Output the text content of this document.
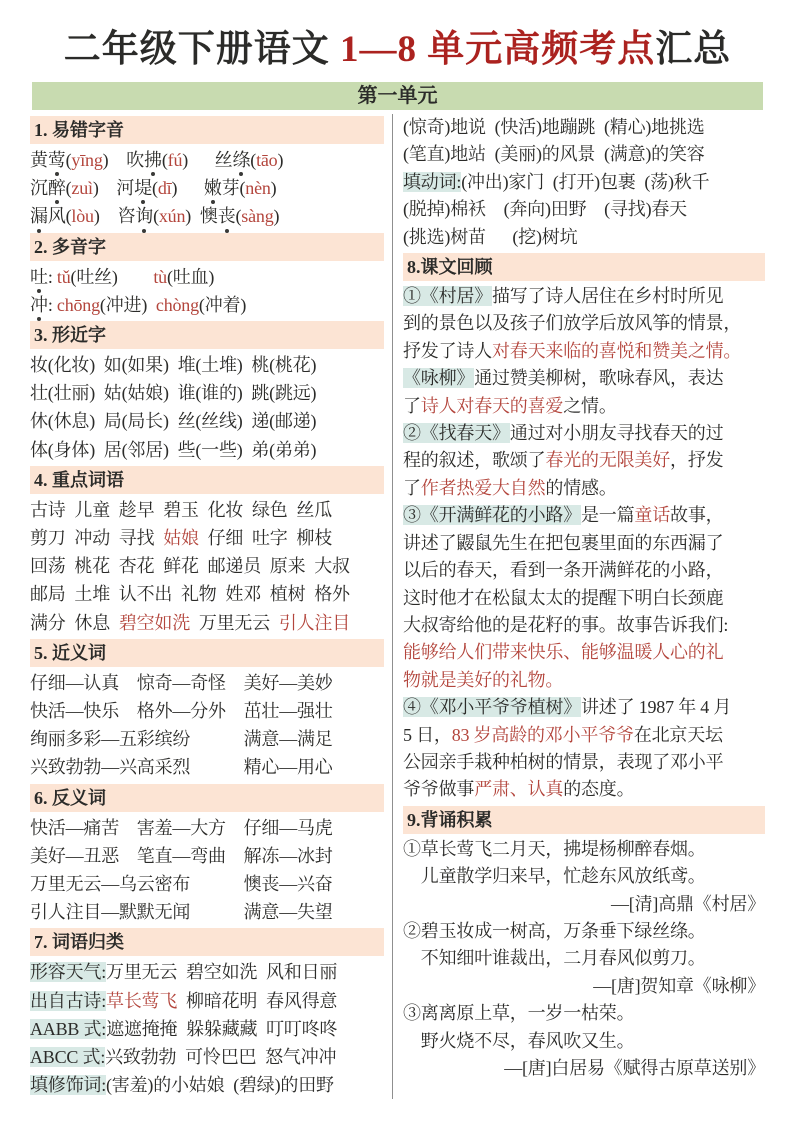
二年级下册语文 1—8 单元高频考点汇总
第一单元
1. 易错字音
黄莺(yīng) 吹拂(fú)  丝绦(tāo)
沉醉(zuì) 河堤(dī)  嫩芽(nèn)
漏风(lòu) 咨询(xún) 懊丧(sàng)
2. 多音字
吐: tǔ(吐丝)  tù(吐血)
冲: chōng(冲进) chòng(冲着)
3. 形近字
妆(化妆) 如(如果) 堆(土堆) 桃(桃花)
壮(壮丽) 姑(姑娘) 谁(谁的) 跳(跳远)
休(休息) 局(局长) 丝(丝线) 递(邮递)
体(身体) 居(邻居) 些(一些) 弟(弟弟)
4. 重点词语
古诗 儿童 趁早 碧玉 化妆 绿色 丝瓜
剪刀 冲动 寻找 姑娘 仔细 吐字 柳枝
回荡 桃花 杏花 鲜花 邮递员 原来 大叔
邮局 土堆 认不出 礼物 姓邓 植树 格外
满分 休息 碧空如洗 万里无云 引人注目
5. 近义词
仔细—认真 惊奇—奇怪 美好—美妙
快活—快乐 格外—分外 茁壮—强壮
绚丽多彩—五彩缤纷   满意—满足
兴致勃勃—兴高采烈   精心—用心
6. 反义词
快活—痛苦 害羞—大方 仔细—马虎
美好—丑恶 笔直—弯曲 解冻—冰封
万里无云—乌云密布   懊丧—兴奋
引人注目—默默无闻   满意—失望
7. 词语归类
形容天气:万里无云 碧空如洗 风和日丽
出自古诗:草长莺飞 柳暗花明 春风得意
AABB 式:遮遮掩掩 躲躲藏藏 叮叮咚咚
ABCC 式:兴致勃勃 可怜巴巴 怒气冲冲
填修饰词:(害羞)的小姑娘 (碧绿)的田野
(惊奇)地说 (快活)地蹦跳 (精心)地挑选
(笔直)地站 (美丽)的风景 (满意)的笑容
填动词:(冲出)家门 (打开)包裹 (荡)秋千
(脱掉)棉袄 (奔向)田野 (寻找)春天
(挑选)树苗  (挖)树坑
8.课文回顾
①《村居》描写了诗人居住在乡村时所见
到的景色以及孩子们放学后放风筝的情景，
抒发了诗人对春天来临的喜悦和赞美之情。
《咏柳》通过赞美柳树，歌咏春风，表达
了诗人对春天的喜爱之情。
②《找春天》通过对小朋友寻找春天的过
程的叙述，歌颂了春光的无限美好，抒发
了作者热爱大自然的情感。
③《开满鲜花的小路》是一篇童话故事，
讲述了鼹鼠先生在把包裹里面的东西漏了
以后的春天，看到一条开满鲜花的小路，
这时他才在松鼠太太的提醒下明白长颈鹿
大叔寄给他的是花籽的事。故事告诉我们:
能够给人们带来快乐、能够温暖人心的礼
物就是美好的礼物。
④《邓小平爷爷植树》讲述了 1987 年 4 月
5 日，83 岁高龄的邓小平爷爷在北京天坛
公园亲手栽种柏树的情景，表现了邓小平
爷爷做事严肃、认真的态度。
9.背诵积累
①草长莺飞二月天，拂堤杨柳醉春烟。
　儿童散学归来早，忙趁东风放纸鸢。
—[清]高鼎《村居》
②碧玉妆成一树高，万条垂下绿丝绦。
　不知细叶谁裁出，二月春风似剪刀。
—[唐]贺知章《咏柳》
③离离原上草，一岁一枯荣。
　野火烧不尽，春风吹又生。
—[唐]白居易《赋得古原草送别》
